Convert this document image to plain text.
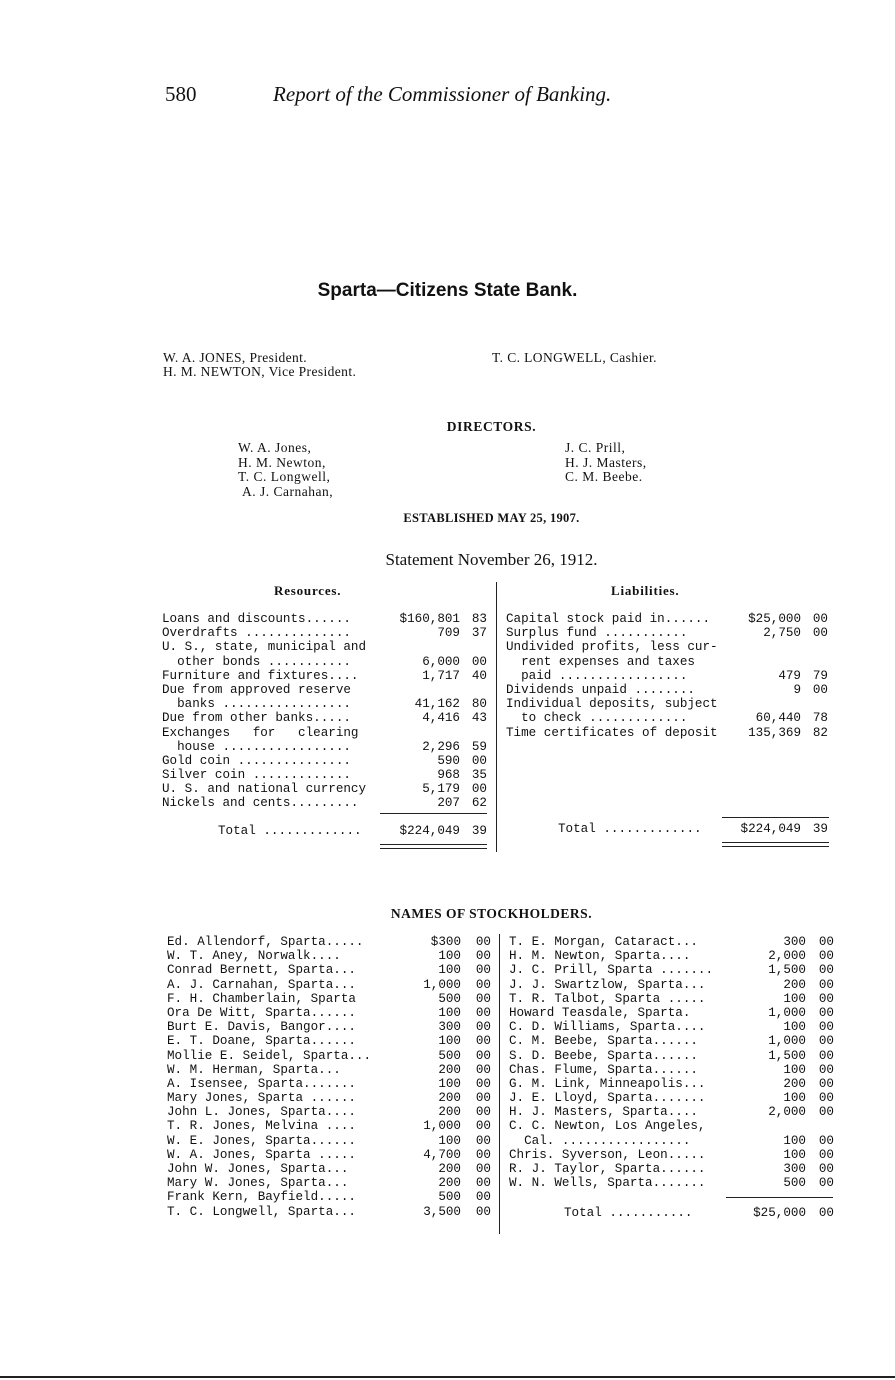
580	Report of the Commissioner of Banking.
Sparta—Citizens State Bank.
W. A. JONES, President.
H. M. NEWTON, Vice President.
T. C. LONGWELL, Cashier.
DIRECTORS.
W. A. Jones,
H. M. Newton,
T. C. Longwell,
A. J. Carnahan,
J. C. Prill,
H. J. Masters,
C. M. Beebe.
ESTABLISHED MAY 25, 1907.
Statement November 26, 1912.
Resources.	Liabilities.
Loans and discounts......	$160,801 83
Overdrafts ..............	709 37
U. S., state, municipal and
other bonds ...........	6,000 00
Furniture and fixtures....	1,717 40
Due from approved reserve
banks .................	41,162 80
Due from other banks.....	4,416 43
Exchanges   for   clearing
house .................	2,296 59
Gold coin ...............	590 00
Silver coin .............	968 35
U. S. and national currency	5,179 00
Nickels and cents.........	207 62
Total .............	$224,049 39
Capital stock paid in......	$25,000 00
Surplus fund ...........	2,750 00
Undivided profits, less cur-
rent expenses and taxes
paid .................	479 79
Dividends unpaid ........	9 00
Individual deposits, subject
to check .............	60,440 78
Time certificates of deposit 135,369 82
Total .............	$224,049 39
NAMES OF STOCKHOLDERS.
Ed. Allendorf, Sparta.....	$300 00
W. T. Aney, Norwalk....	100 00
Conrad Bernett, Sparta...	100 00
A. J. Carnahan, Sparta...	1,000 00
F. H. Chamberlain, Sparta	500 00
Ora De Witt, Sparta......	100 00
Burt E. Davis, Bangor....	300 00
E. T. Doane, Sparta......	100 00
Mollie E. Seidel, Sparta...	500 00
W. M. Herman, Sparta...	200 00
A. Isensee, Sparta.......	100 00
Mary Jones, Sparta ......	200 00
John L. Jones, Sparta....	200 00
T. R. Jones, Melvina ....	1,000 00
W. E. Jones, Sparta......	100 00
W. A. Jones, Sparta .....	4,700 00
John W. Jones, Sparta...	200 00
Mary W. Jones, Sparta...	200 00
Frank Kern, Bayfield.....	500 00
T. C. Longwell, Sparta...	3,500 00
T. E. Morgan, Cataract...	300 00
H. M. Newton, Sparta....	2,000 00
J. C. Prill, Sparta .......	1,500 00
J. J. Swartzlow, Sparta...	200 00
T. R. Talbot, Sparta .....	100 00
Howard Teasdale, Sparta.	1,000 00
C. D. Williams, Sparta....	100 00
C. M. Beebe, Sparta......	1,000 00
S. D. Beebe, Sparta......	1,500 00
Chas. Flume, Sparta......	100 00
G. M. Link, Minneapolis...	200 00
J. E. Lloyd, Sparta.......	100 00
H. J. Masters, Sparta....	2,000 00
C. C. Newton, Los Angeles,
Cal. .................	100 00
Chris. Syverson, Leon.....	100 00
R. J. Taylor, Sparta......	300 00
W. N. Wells, Sparta.......	500 00
Total ...........	$25,000 00
